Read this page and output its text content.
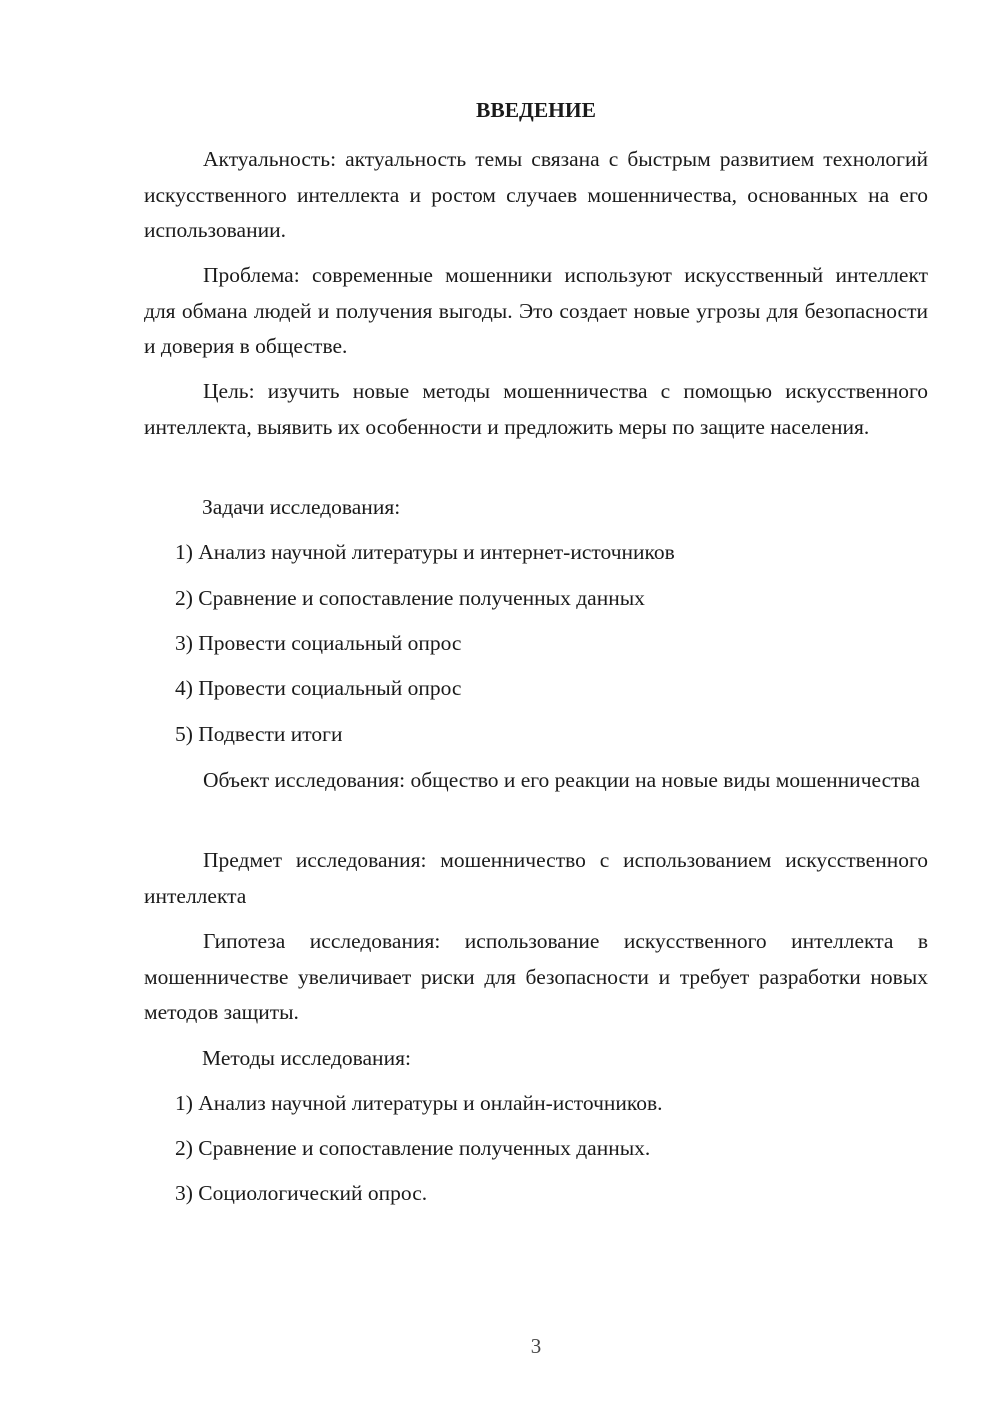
ВВЕДЕНИЕ

Актуальность: актуальность темы связана с быстрым развитием технологий искусственного интеллекта и ростом случаев мошенничества, основанных на его использовании.

Проблема: современные мошенники используют искусственный интеллект для обмана людей и получения выгоды. Это создает новые угрозы для безопасности и доверия в обществе.

Цель: изучить новые методы мошенничества с помощью искусственного интеллекта, выявить их особенности и предложить меры по защите населения.

Задачи исследования:

1) Анализ научной литературы и интернет-источников

2) Сравнение и сопоставление полученных данных

3) Провести социальный опрос

4) Провести социальный опрос

5) Подвести итоги

Объект исследования: общество и его реакции на новые виды мошенничества

Предмет исследования: мошенничество с использованием искусственного интеллекта

Гипотеза исследования: использование искусственного интеллекта в мошенничестве увеличивает риски для безопасности и требует разработки новых методов защиты.

Методы исследования:

1) Анализ научной литературы и онлайн-источников.

2) Сравнение и сопоставление полученных данных.

3) Социологический опрос.

3
